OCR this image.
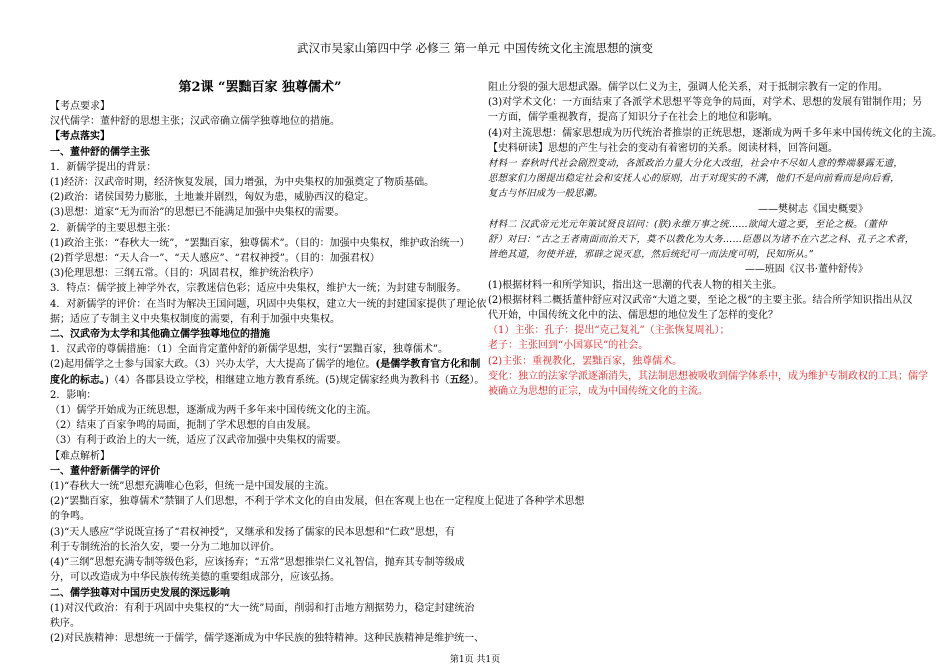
武汉市吴家山第四中学 必修三 第一单元 中国传统文化主流思想的演变
第2课 “罢黜百家 独尊儒术”
【考点要求】
汉代儒学：董仲舒的思想主张；汉武帝确立儒学独尊地位的措施。
【考点落实】
一、董仲舒的儒学主张
1．新儒学提出的背景：
(1)经济：汉武帝时期，经济恢复发展，国力增强，为中央集权的加强奠定了物质基础。
(2)政治：诸侯国势力膨胀，土地兼并剧烈，匈奴为患，威胁西汉的稳定。
(3)思想：道家“无为而治”的思想已不能满足加强中央集权的需要。
2．新儒学的主要思想主张：
(1)政治主张：“春秋大一统”，“罢黜百家，独尊儒术”。（目的：加强中央集权，维护政治统一）
(2)哲学思想：“天人合一”、“天人感应”、“君权神授”。（目的：加强君权）
(3)伦理思想：三纲五常。（目的：巩固君权，维护统治秩序）
3．特点：儒学披上神学外衣，宗教迷信色彩；适应中央集权，维护大一统；为封建专制服务。
4．对新儒学的评价：在当时为解决王国问题，巩固中央集权，建立大一统的封建国家提供了理论依
据；适应了专制主义中央集权制度的需要，有利于加强中央集权。
二、汉武帝为太学和其他确立儒学独尊地位的措施
1．汉武帝的尊儒措施：（1）全面肯定董仲舒的新儒学思想，实行“罢黜百家，独尊儒术”。
(2)起用儒学之士参与国家大政。（3）兴办太学，大大提高了儒学的地位。(是儒学教育官方化和制
度化的标志。)（4）各郡县设立学校，相继建立地方教育系统。(5)规定儒家经典为教科书（五经）。
2．影响：
（1）儒学开始成为正统思想，逐渐成为两千多年来中国传统文化的主流。
（2）结束了百家争鸣的局面，扼制了学术思想的自由发展。
（3）有利于政治上的大一统，适应了汉武帝加强中央集权的需要。
【难点解析】
一、董仲舒新儒学的评价
(1)“春秋大一统”思想充满唯心色彩，但统一是中国发展的主流。
(2)“罢黜百家，独尊儒术”禁锢了人们思想，不利于学术文化的自由发展，但在客观上也在一定程度上促进了各种学术思想
的争鸣。
(3)“天人感应”学说既宣扬了“君权神授”，又继承和发扬了儒家的民本思想和“仁政”思想，有
利于专制统治的长治久安，要一分为二地加以评价。
(4)“三纲”思想充满专制等级色彩，应该扬弃；“五常”思想推崇仁义礼智信，抛弃其专制等级成
分，可以改造成为中华民族传统美德的重要组成部分，应该弘扬。
二、儒学独尊对中国历史发展的深远影响
(1)对汉代政治：有利于巩固中央集权的“大一统”局面，削弱和打击地方割据势力，稳定封建统治
秩序。
(2)对民族精神：思想统一于儒学，儒学逐渐成为中华民族的独特精神。这种民族精神是维护统一、
阻止分裂的强大思想武器。儒学以仁义为主，强调人伦关系，对于抵制宗教有一定的作用。
(3)对学术文化：一方面结束了各派学术思想平等竞争的局面，对学术、思想的发展有钳制作用；另
一方面，儒学重视教育，提高了知识分子在社会上的地位和影响。
(4)对主流思想：儒家思想成为历代统治者推崇的正统思想，逐渐成为两千多年来中国传统文化的主流。
【史料研读】思想的产生与社会的变动有着密切的关系。阅读材料，回答问题。
材料一 春秋时代社会剧烈变动，各派政治力量大分化大改组，社会中不尽如人意的弊端暴露无遗，
思想家们力图提出稳定社会和安抚人心的原则，出于对现实的不满，他们不是向前看而是向后看，
复古与怀旧成为一般思潮。
——樊树志《国史概要》
材料二 汉武帝元光元年策试贤良诏问：(朕)永维万事之统……欲闻大道之要，至论之极。（董仲
舒）对曰：“古之王者南面而治天下，莫不以教化为大务……臣愚以为诸不在六艺之科、孔子之术者，
皆绝其道，勿使并进，邪辟之说灭息，然后统纪可一而法度可明，民知所从。”
——班固《汉书·董仲舒传》
(1)根据材料一和所学知识，指出这一思潮的代表人物的相关主张。
(2)根据材料二概括董仲舒应对汉武帝“大道之要，至论之极”的主要主张。结合所学知识指出从汉
代开始，中国传统文化中的法、儒思想的地位发生了怎样的变化？
（1）主张：孔子：提出“克己复礼”（主张恢复周礼）；
老子：主张回到“小国寡民”的社会。
(2)主张：重视教化，罢黜百家，独尊儒术。
变化：独立的法家学派逐渐消失，其法制思想被吸收到儒学体系中，成为维护专制政权的工具；儒学
被确立为思想的正宗，成为中国传统文化的主流。
第1页 共1页
